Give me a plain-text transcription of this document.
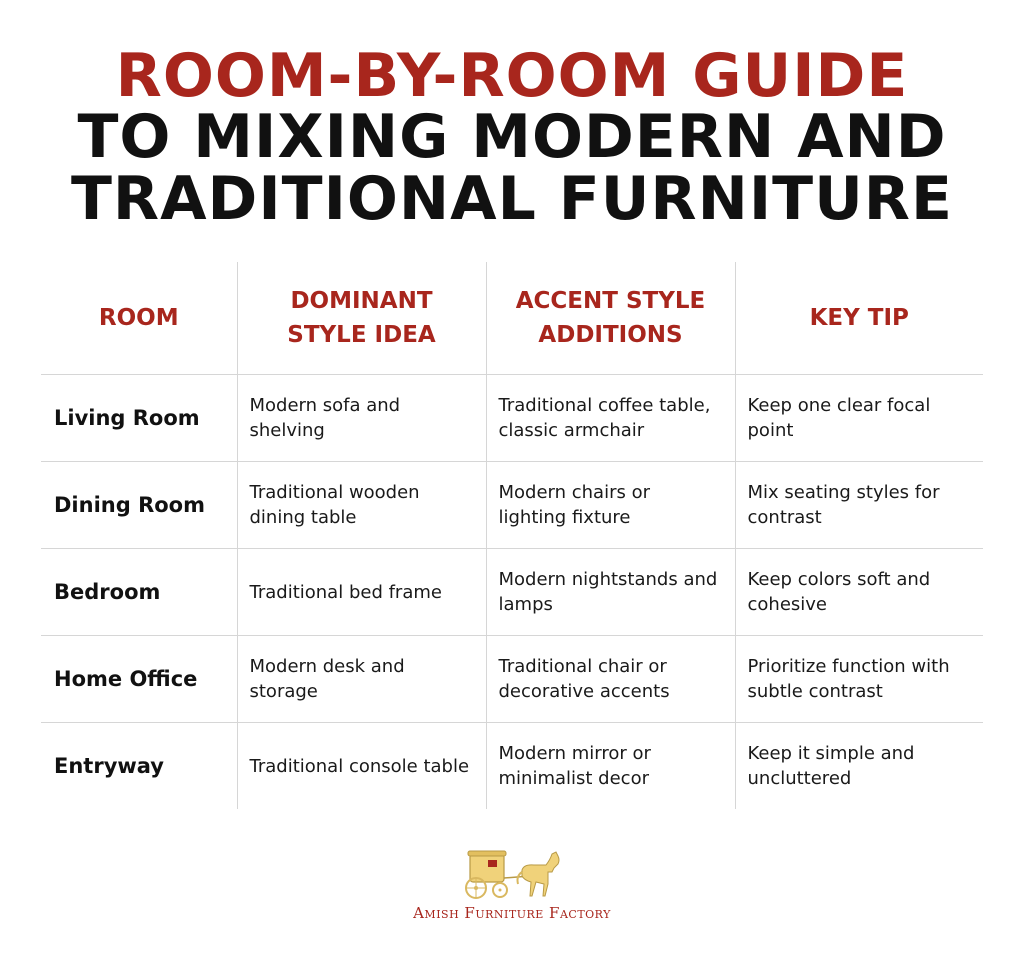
ROOM-BY-ROOM GUIDE
TO MIXING MODERN AND
TRADITIONAL FURNITURE
ROOM	DOMINANT STYLE IDEA	ACCENT STYLE ADDITIONS	KEY TIP
Living Room	Modern sofa and shelving	Traditional coffee table, classic armchair	Keep one clear focal point
Dining Room	Traditional wooden dining table	Modern chairs or lighting fixture	Mix seating styles for contrast
Bedroom	Traditional bed frame	Modern nightstands and lamps	Keep colors soft and cohesive
Home Office	Modern desk and storage	Traditional chair or decorative accents	Prioritize function with subtle contrast
Entryway	Traditional console table	Modern mirror or minimalist decor	Keep it simple and uncluttered
Amish Furniture Factory
